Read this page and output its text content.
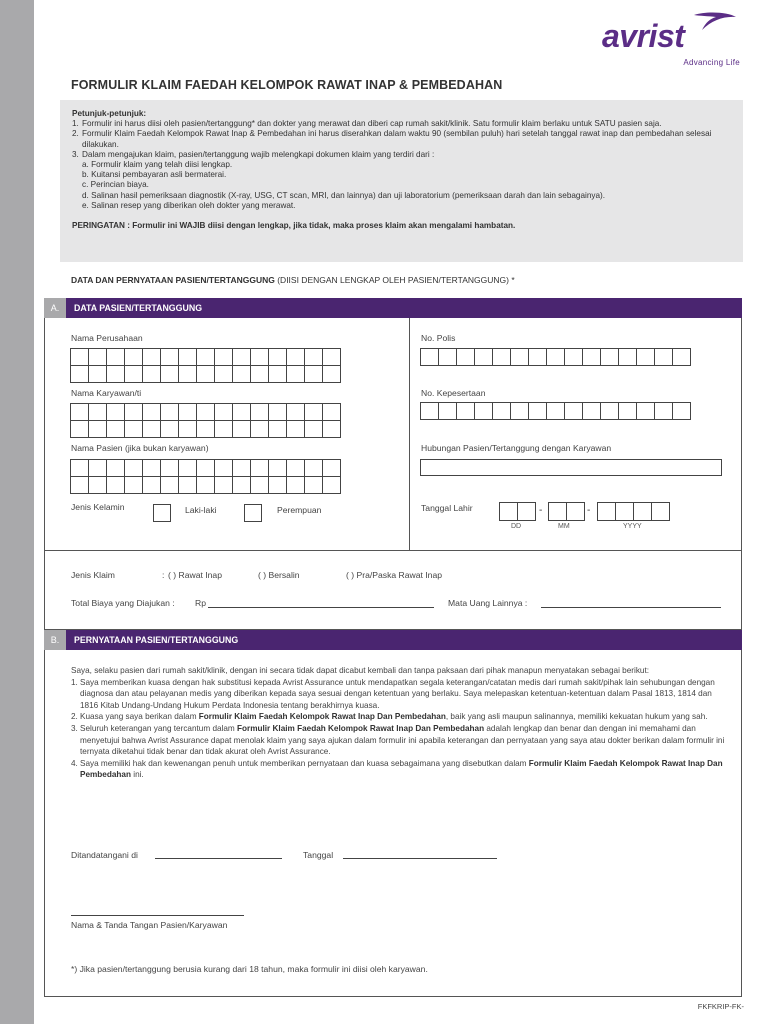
avrist
Advancing Life
FORMULIR KLAIM FAEDAH KELOMPOK RAWAT INAP & PEMBEDAHAN
Petunjuk-petunjuk:
1. Formulir ini harus diisi oleh pasien/tertanggung* dan dokter yang merawat dan diberi cap rumah sakit/klinik. Satu formulir klaim berlaku untuk SATU pasien saja.
2. Formulir Klaim Faedah Kelompok Rawat Inap & Pembedahan ini harus diserahkan dalam waktu 90 (sembilan puluh) hari setelah tanggal rawat inap dan pembedahan selesai dilakukan.
3. Dalam mengajukan klaim, pasien/tertanggung wajib melengkapi dokumen klaim yang terdiri dari :
a. Formulir klaim yang telah diisi lengkap.
b. Kuitansi pembayaran asli bermaterai.
c. Perincian biaya.
d. Salinan hasil pemeriksaan diagnostik (X-ray, USG, CT scan, MRI, dan lainnya) dan uji laboratorium (pemeriksaan darah dan lain sebagainya).
e. Salinan resep yang diberikan oleh dokter yang merawat.
PERINGATAN : Formulir ini WAJIB diisi dengan lengkap, jika tidak, maka proses klaim akan mengalami hambatan.
DATA DAN PERNYATAAN PASIEN/TERTANGGUNG (DIISI DENGAN LENGKAP OLEH PASIEN/TERTANGGUNG) *
A.	DATA PASIEN/TERTANGGUNG
Nama Perusahaan
Nama Karyawan/ti
Nama Pasien (jika bukan karyawan)
Jenis Kelamin	Laki-laki	Perempuan
No. Polis
No. Kepesertaan
Hubungan Pasien/Tertanggung dengan Karyawan
Tanggal Lahir	-	-
DD	MM	YYYY
Jenis Klaim	: ( ) Rawat Inap	( ) Bersalin	( ) Pra/Paska Rawat Inap
Total Biaya yang Diajukan : Rp	Mata Uang Lainnya :
B.	PERNYATAAN PASIEN/TERTANGGUNG
Saya, selaku pasien dari rumah sakit/klinik, dengan ini secara tidak dapat dicabut kembali dan tanpa paksaan dari pihak manapun menyatakan sebagai berikut:
1. Saya memberikan kuasa dengan hak substitusi kepada Avrist Assurance untuk mendapatkan segala keterangan/catatan medis dari rumah sakit/pihak lain sehubungan dengan diagnosa dan atau pelayanan medis yang diberikan kepada saya sesuai dengan ketentuan yang berlaku. Saya melepaskan ketentuan-ketentuan dalam Pasal 1813, 1814 dan 1816 Kitab Undang-Undang Hukum Perdata Indonesia tentang berakhirnya kuasa.
2. Kuasa yang saya berikan dalam Formulir Klaim Faedah Kelompok Rawat Inap Dan Pembedahan, baik yang asli maupun salinannya, memiliki kekuatan hukum yang sah.
3. Seluruh keterangan yang tercantum dalam Formulir Klaim Faedah Kelompok Rawat Inap Dan Pembedahan adalah lengkap dan benar dan dengan ini memahami dan menyetujui bahwa Avrist Assurance dapat menolak klaim yang saya ajukan dalam formulir ini apabila keterangan dan pernyataan yang saya atau dokter berikan dalam formulir ini ternyata diketahui tidak benar dan tidak akurat oleh Avrist Assurance.
4. Saya memiliki hak dan kewenangan penuh untuk memberikan pernyataan dan kuasa sebagaimana yang disebutkan dalam Formulir Klaim Faedah Kelompok Rawat Inap Dan Pembedahan ini.
Ditandatangani di	Tanggal
Nama & Tanda Tangan Pasien/Karyawan
*) Jika pasien/tertanggung berusia kurang dari 18 tahun, maka formulir ini diisi oleh karyawan.
FKFKRIP-FK-
